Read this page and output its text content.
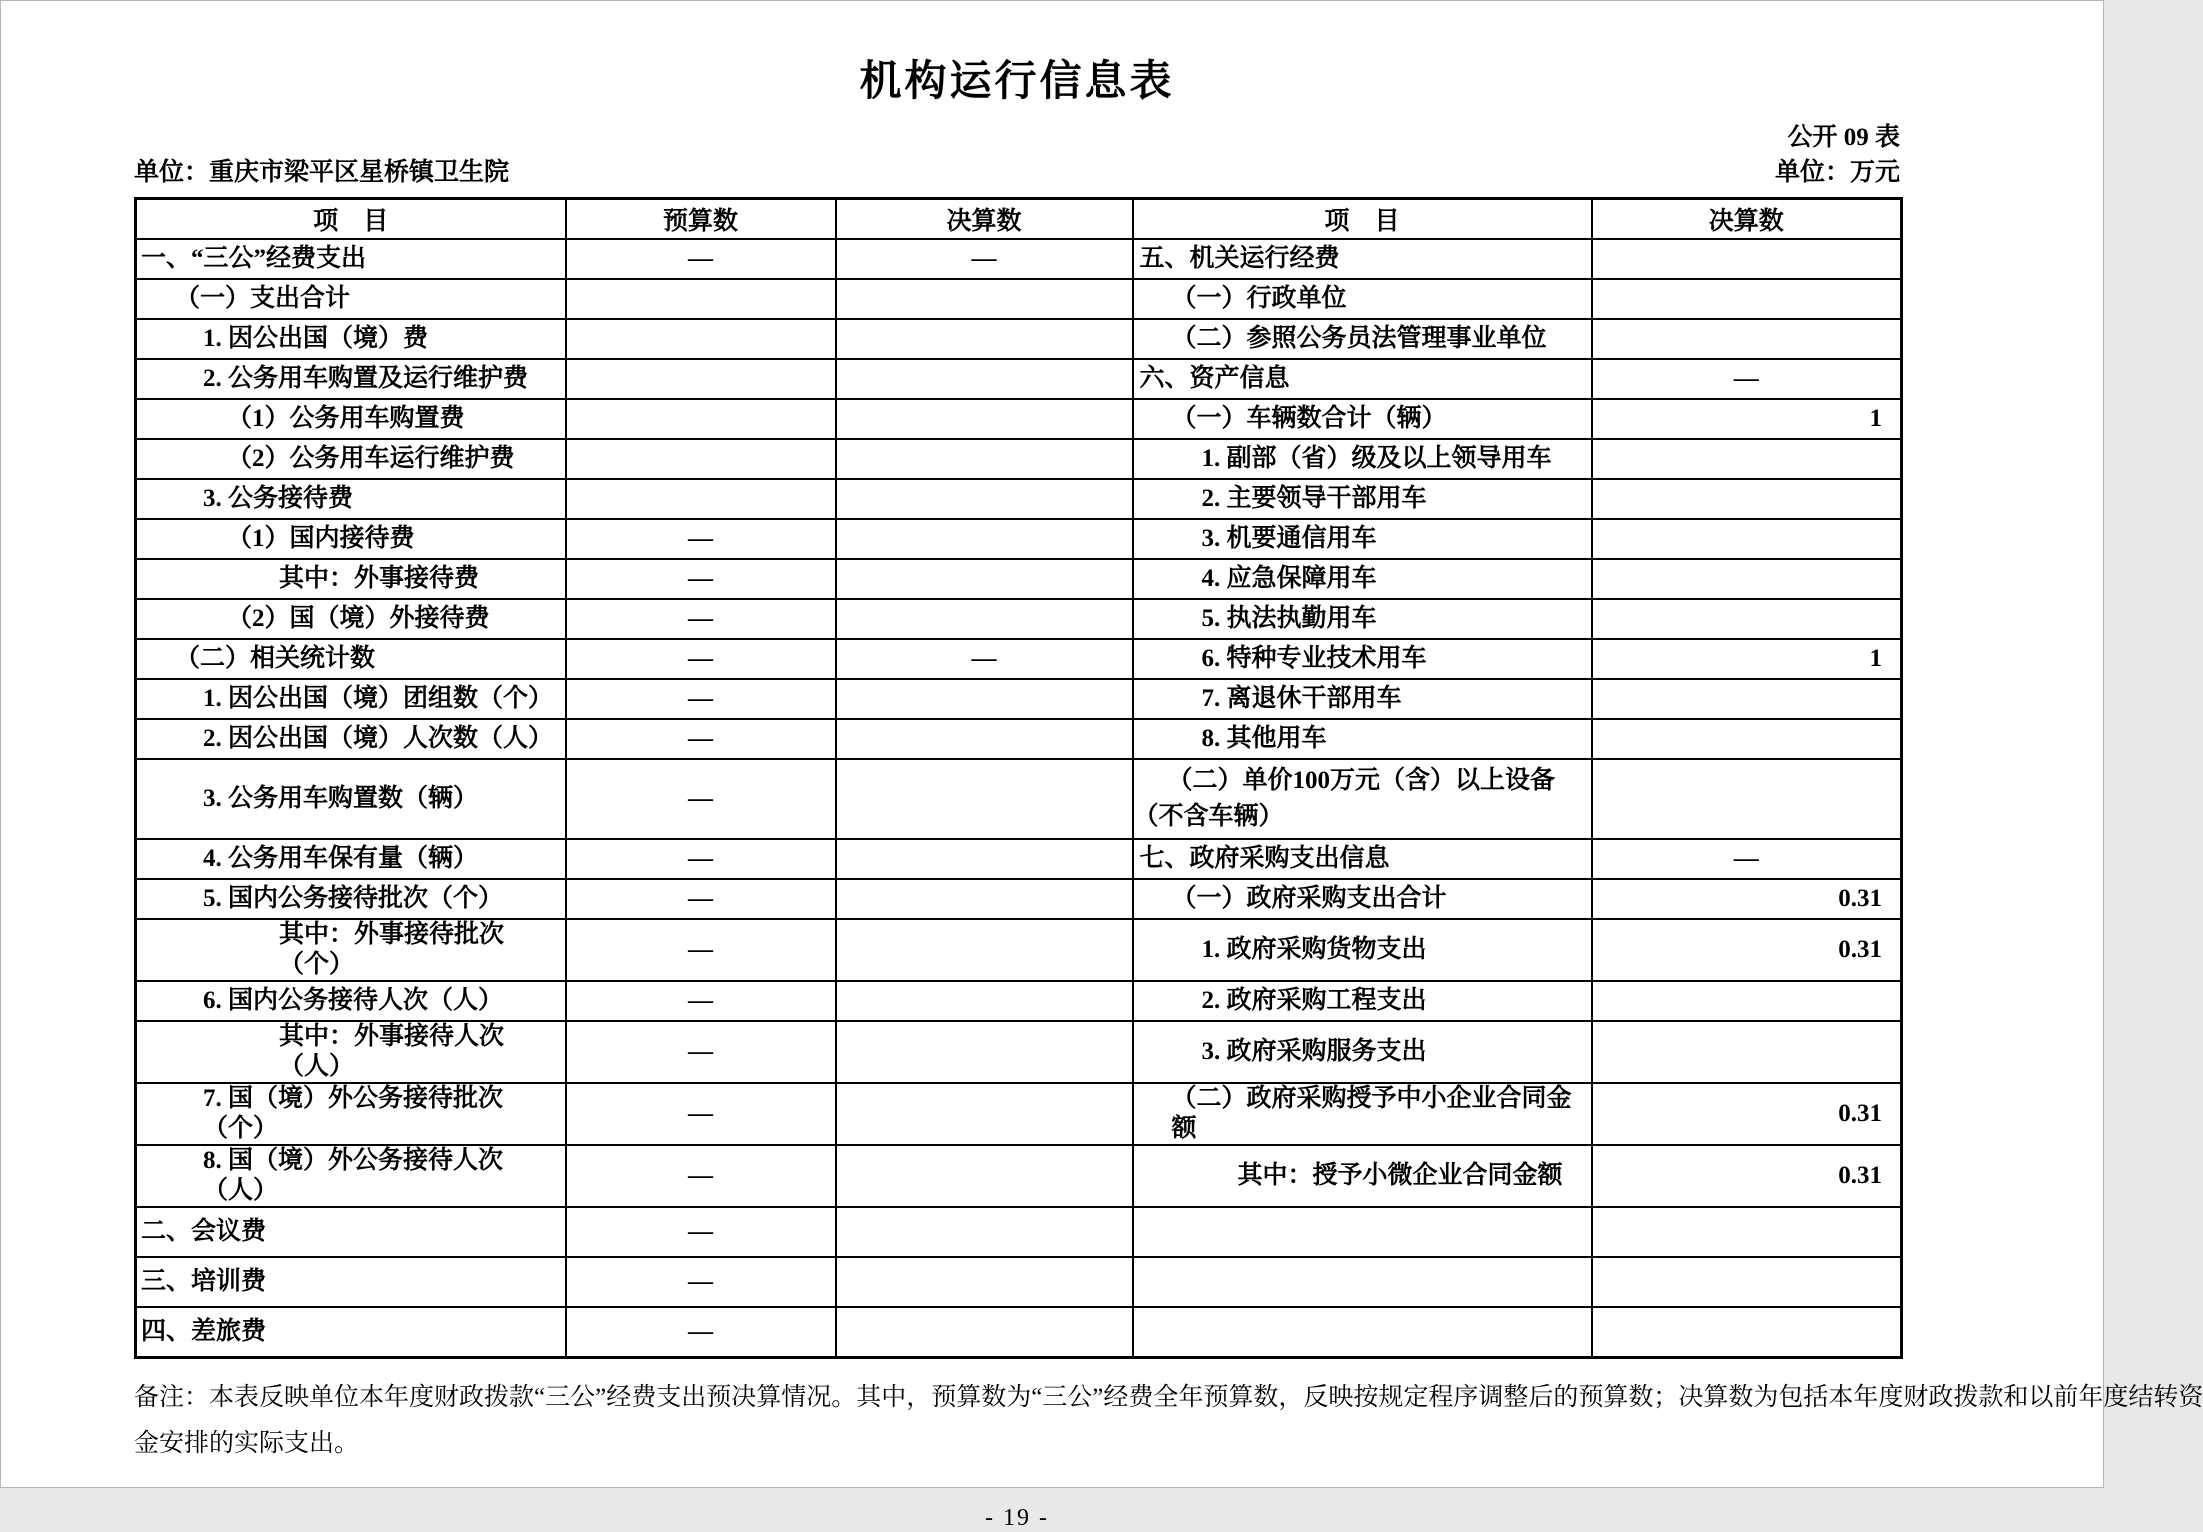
机构运行信息表
公开 09 表
单位：重庆市梁平区星桥镇卫生院	单位：万元
项　目	预算数	决算数	项　目	决算数
一、“三公”经费支出	—	—	五、机关运行经费	
（一）支出合计			（一）行政单位	
1. 因公出国（境）费			（二）参照公务员法管理事业单位	
2. 公务用车购置及运行维护费			六、资产信息	—
（1）公务用车购置费			（一）车辆数合计（辆）	1
（2）公务用车运行维护费			1. 副部（省）级及以上领导用车	
3. 公务接待费			2. 主要领导干部用车	
（1）国内接待费	—		3. 机要通信用车	
其中：外事接待费	—		4. 应急保障用车	
（2）国（境）外接待费	—		5. 执法执勤用车	
（二）相关统计数	—	—	6. 特种专业技术用车	1
1. 因公出国（境）团组数（个）	—		7. 离退休干部用车	
2. 因公出国（境）人次数（人）	—		8. 其他用车	
3. 公务用车购置数（辆）	—		（二）单价100万元（含）以上设备（不含车辆）	
4. 公务用车保有量（辆）	—		七、政府采购支出信息	—
5. 国内公务接待批次（个）	—		（一）政府采购支出合计	0.31
其中：外事接待批次（个）	—		1. 政府采购货物支出	0.31
6. 国内公务接待人次（人）	—		2. 政府采购工程支出	
其中：外事接待人次（人）	—		3. 政府采购服务支出	
7. 国（境）外公务接待批次（个）	—		（二）政府采购授予中小企业合同金额	0.31
8. 国（境）外公务接待人次（人）	—		其中：授予小微企业合同金额	0.31
二、会议费	—			
三、培训费	—			
四、差旅费	—			
备注：本表反映单位本年度财政拨款“三公”经费支出预决算情况。其中，预算数为“三公”经费全年预算数，反映按规定程序调整后的预算数；决算数为包括本年度财政拨款和以前年度结转资
金安排的实际支出。
- 19 -
